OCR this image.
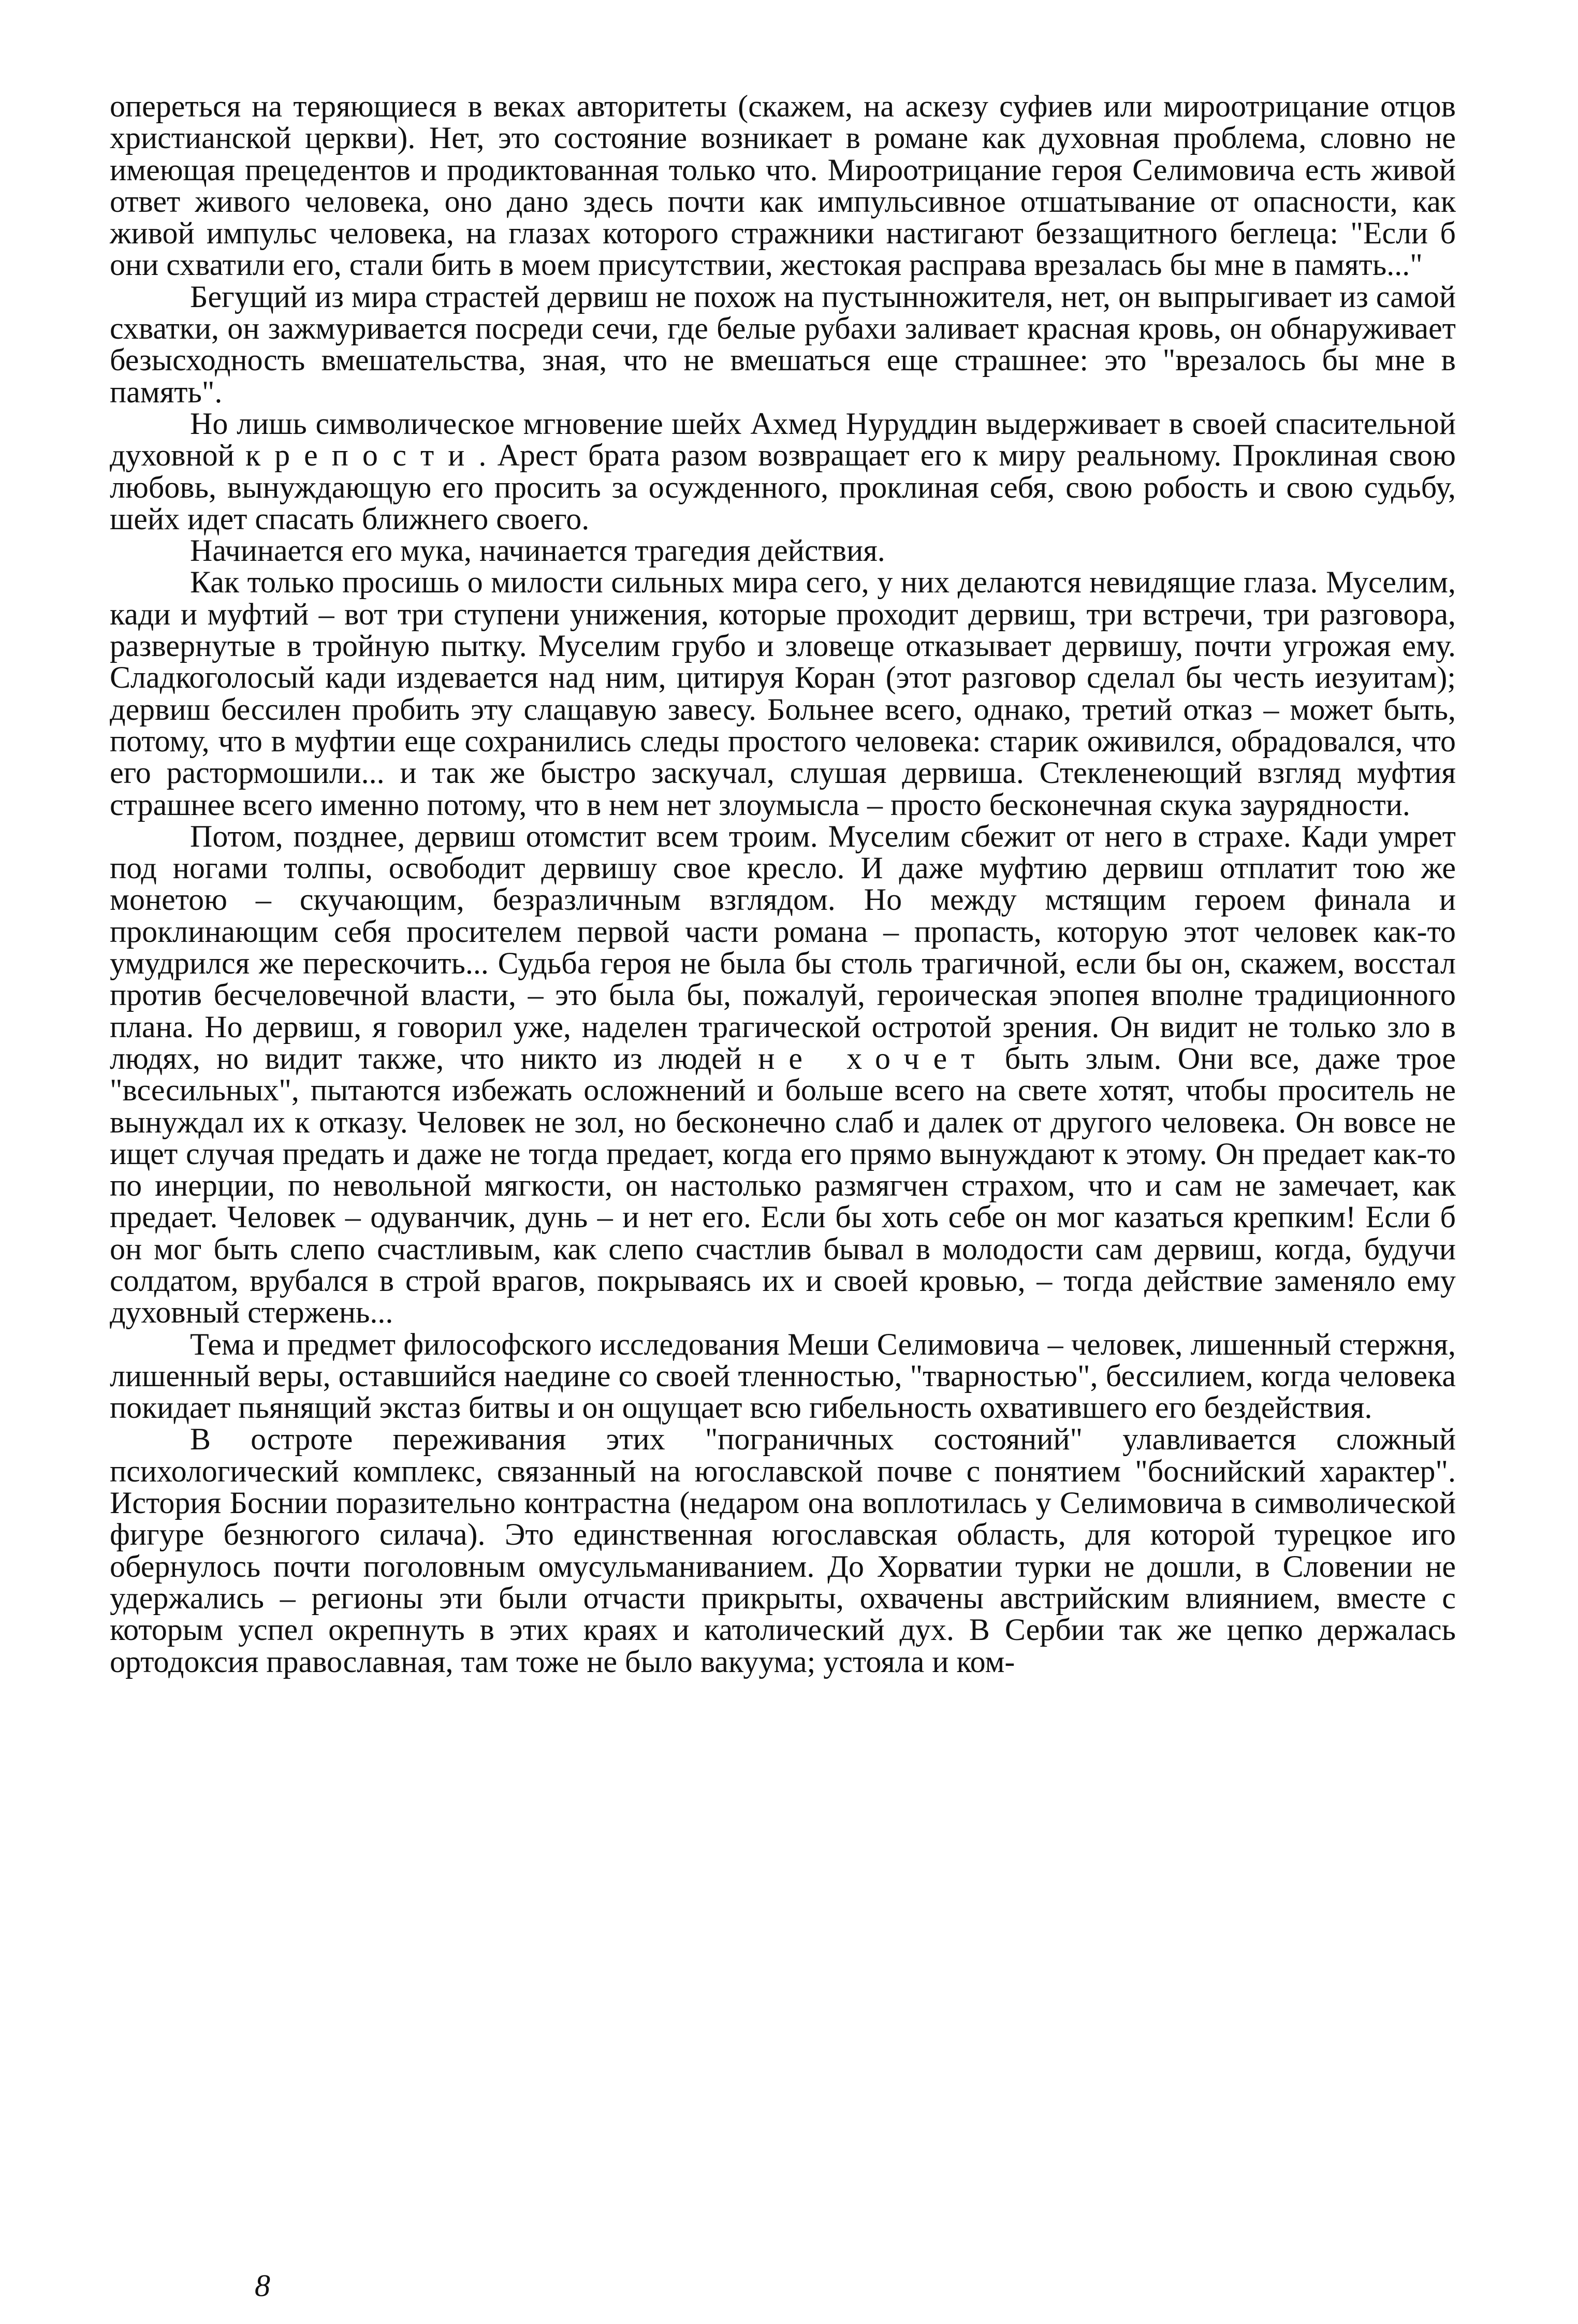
опереться на теряющиеся в веках авторитеты (скажем, на аскезу суфиев или мироотрицание отцов христианской церкви). Нет, это состояние возникает в романе как духовная проблема, словно не имеющая прецедентов и продиктованная только что. Мироотрицание героя Селимовича есть живой ответ живого человека, оно дано здесь почти как импульсивное отшатывание от опасности, как живой импульс человека, на глазах которого стражники настигают беззащитного беглеца: "Если б они схватили его, стали бить в моем присутствии, жестокая расправа врезалась бы мне в память..."

Бегущий из мира страстей дервиш не похож на пустынножителя, нет, он выпрыгивает из самой схватки, он зажмуривается посреди сечи, где белые рубахи заливает красная кровь, он обнаруживает безысходность вмешательства, зная, что не вмешаться еще страшнее: это "врезалось бы мне в память".

Но лишь символическое мгновение шейх Ахмед Нуруддин выдерживает в своей спасительной духовной крепости. Арест брата разом возвращает его к миру реальному. Проклиная свою любовь, вынуждающую его просить за осужденного, проклиная себя, свою робость и свою судьбу, шейх идет спасать ближнего своего.

Начинается его мука, начинается трагедия действия.

Как только просишь о милости сильных мира сего, у них делаются невидящие глаза. Муселим, кади и муфтий – вот три ступени унижения, которые проходит дервиш, три встречи, три разговора, развернутые в тройную пытку. Муселим грубо и зловеще отказывает дервишу, почти угрожая ему. Сладкоголосый кади издевается над ним, цитируя Коран (этот разговор сделал бы честь иезуитам); дервиш бессилен пробить эту слащавую завесу. Больнее всего, однако, третий отказ – может быть, потому, что в муфтии еще сохранились следы простого человека: старик оживился, обрадовался, что его растормошили... и так же быстро заскучал, слушая дервиша. Стекленеющий взгляд муфтия страшнее всего именно потому, что в нем нет злоумысла – просто бесконечная скука заурядности.

Потом, позднее, дервиш отомстит всем троим. Муселим сбежит от него в страхе. Кади умрет под ногами толпы, освободит дервишу свое кресло. И даже муфтию дервиш отплатит тою же монетою – скучающим, безразличным взглядом. Но между мстящим героем финала и проклинающим себя просителем первой части романа – пропасть, которую этот человек как-то умудрился же перескочить... Судьба героя не была бы столь трагичной, если бы он, скажем, восстал против бесчеловечной власти, – это была бы, пожалуй, героическая эпопея вполне традиционного плана. Но дервиш, я говорил уже, наделен трагической остротой зрения. Он видит не только зло в людях, но видит также, что никто из людей не хочет быть злым. Они все, даже трое "всесильных", пытаются избежать осложнений и больше всего на свете хотят, чтобы проситель не вынуждал их к отказу. Человек не зол, но бесконечно слаб и далек от другого человека. Он вовсе не ищет случая предать и даже не тогда предает, когда его прямо вынуждают к этому. Он предает как-то по инерции, по невольной мягкости, он настолько размягчен страхом, что и сам не замечает, как предает. Человек – одуванчик, дунь – и нет его. Если бы хоть себе он мог казаться крепким! Если б он мог быть слепо счастливым, как слепо счастлив бывал в молодости сам дервиш, когда, будучи солдатом, врубался в строй врагов, покрываясь их и своей кровью, – тогда действие заменяло ему духовный стержень...

Тема и предмет философского исследования Меши Селимовича – человек, лишенный стержня, лишенный веры, оставшийся наедине со своей тленностью, "тварностью", бессилием, когда человека покидает пьянящий экстаз битвы и он ощущает всю гибельность охватившего его бездействия.

В остроте переживания этих "пограничных состояний" улавливается сложный психологический комплекс, связанный на югославской почве с понятием "боснийский характер". История Боснии поразительно контрастна (недаром она воплотилась у Селимовича в символической фигуре безнюгого силача). Это единственная югославская область, для которой турецкое иго обернулось почти поголовным омусульманиванием. До Хорватии турки не дошли, в Словении не удержались – регионы эти были отчасти прикрыты, охвачены австрийским влиянием, вместе с которым успел окрепнуть в этих краях и католический дух. В Сербии так же цепко держалась ортодоксия православная, там тоже не было вакуума; устояла и ком-

8
